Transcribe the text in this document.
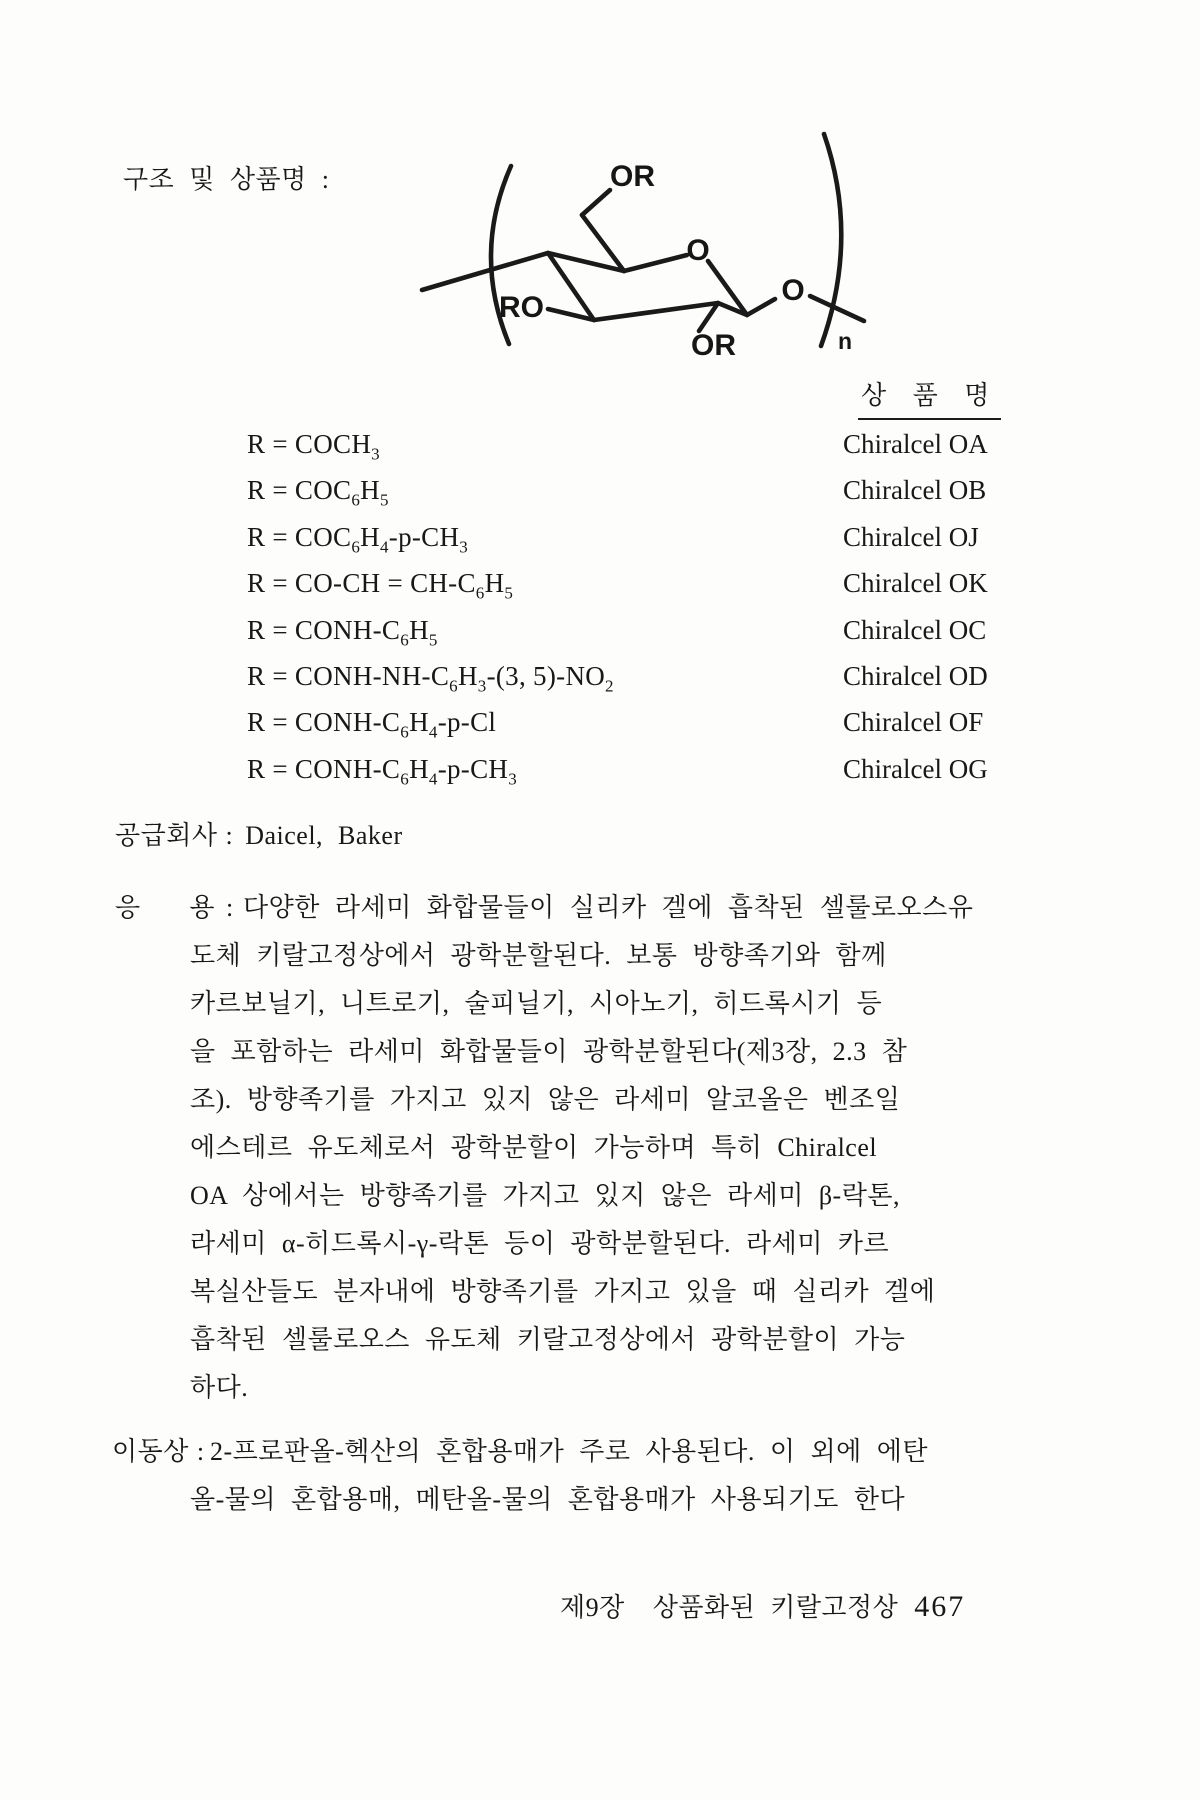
구조 및 상품명 :	OR
O
RO
OR
O
n
상 품 명
$R = COCH_3$	Chiralcel OA
$R = COC_6H_5$	Chiralcel OB
$R = COC_6H_4-p-CH_3$	Chiralcel OJ
$R = CO-CH = CH-C_6H_5$	Chiralcel OK
R = CONH-$C_6H_5$	Chiralcel OC
R = CONH-$NH-C_6H_3-(3$, $5)-NO_2$	Chiralcel OD
R = CONH-$C_6H_4-p-Cl$	Chiralcel OF
R = CONH-$C_6H_4-p-CH_3$	Chiralcel OG
공급회사 : Daicel, Baker
응 용 : 다양한 라세미 화합물들이 실리카 겔에 흡착된 셀룰로오스유
도체 키랄고정상에서 광학분할된다. 보통 방향족기와 함께
카르보닐기, 니트로기, 술피닐기, 시아노기, 히드록시기 등
을 포함하는 라세미 화합물들이 광학분할된다(제3장, 2.3 참
조). 방향족기를 가지고 있지 않은 라세미 알코올은 벤조일
에스테르 유도체로서 광학분할이 가능하며 특히 Chiralcel
OA 상에서는 방향족기를 가지고 있지 않은 라세미 β-락톤,
라세미 α-히드록시-γ-락톤 등이 광학분할된다. 라세미 카르
복실산들도 분자내에 방향족기를 가지고 있을 때 실리카 겔에
흡착된 셀룰로오스 유도체 키랄고정상에서 광학분할이 가능
하다.
이동상 : 2-프로판올-헥산의 혼합용매가 주로 사용된다. 이 외에 에탄
올-물의 혼합용매, 메탄올-물의 혼합용매가 사용되기도 한다
제9장 상품화된 키랄고정상 467
